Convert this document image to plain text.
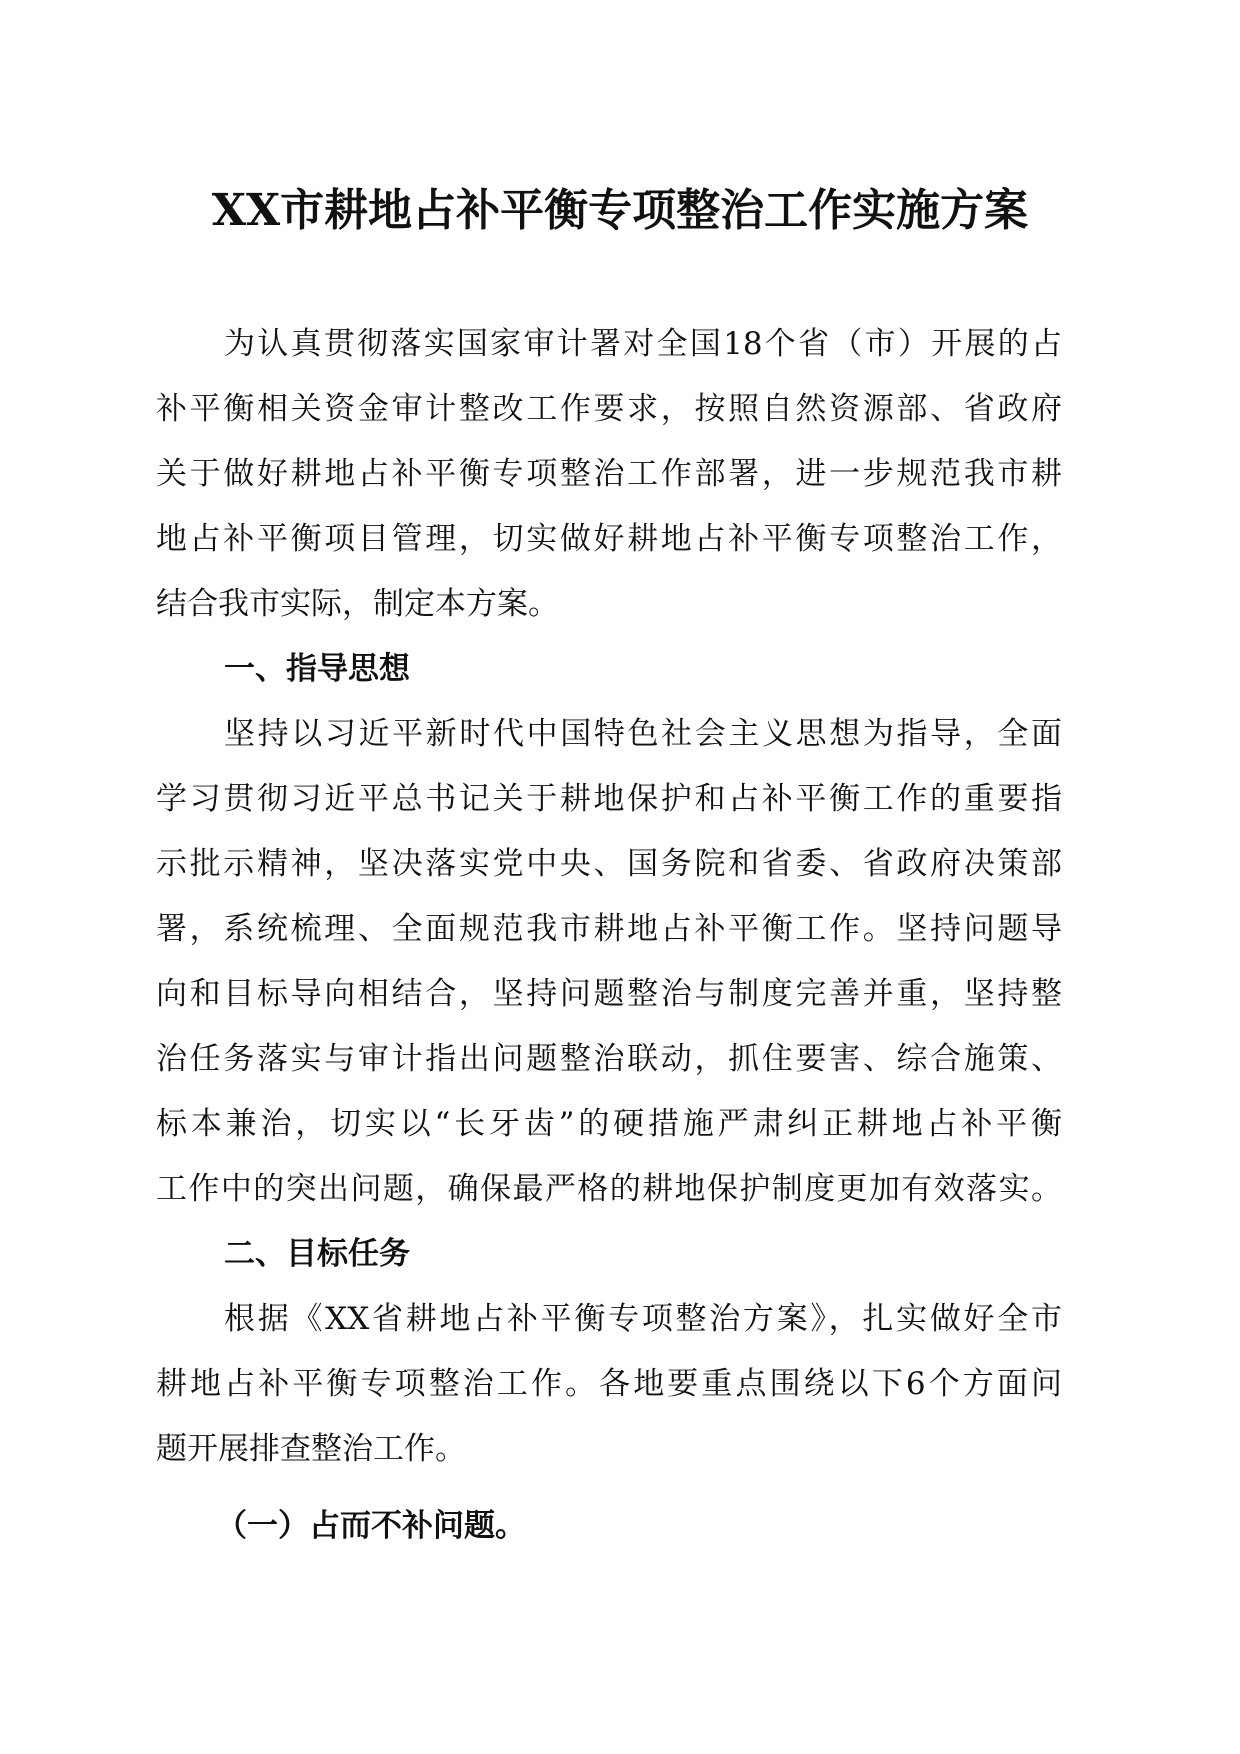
XX市耕地占补平衡专项整治工作实施方案
为认真贯彻落实国家审计署对全国18个省（市）开展的占
补平衡相关资金审计整改工作要求，按照自然资源部、省政府
关于做好耕地占补平衡专项整治工作部署，进一步规范我市耕
地占补平衡项目管理，切实做好耕地占补平衡专项整治工作，
结合我市实际，制定本方案。
一、指导思想
坚持以习近平新时代中国特色社会主义思想为指导，全面
学习贯彻习近平总书记关于耕地保护和占补平衡工作的重要指
示批示精神，坚决落实党中央、国务院和省委、省政府决策部
署，系统梳理、全面规范我市耕地占补平衡工作。坚持问题导
向和目标导向相结合，坚持问题整治与制度完善并重，坚持整
治任务落实与审计指出问题整治联动，抓住要害、综合施策、
标本兼治，切实以“长牙齿”的硬措施严肃纠正耕地占补平衡
工作中的突出问题，确保最严格的耕地保护制度更加有效落实。
二、目标任务
根据《XX省耕地占补平衡专项整治方案》，扎实做好全市
耕地占补平衡专项整治工作。各地要重点围绕以下6个方面问
题开展排查整治工作。
（一）占而不补问题。
